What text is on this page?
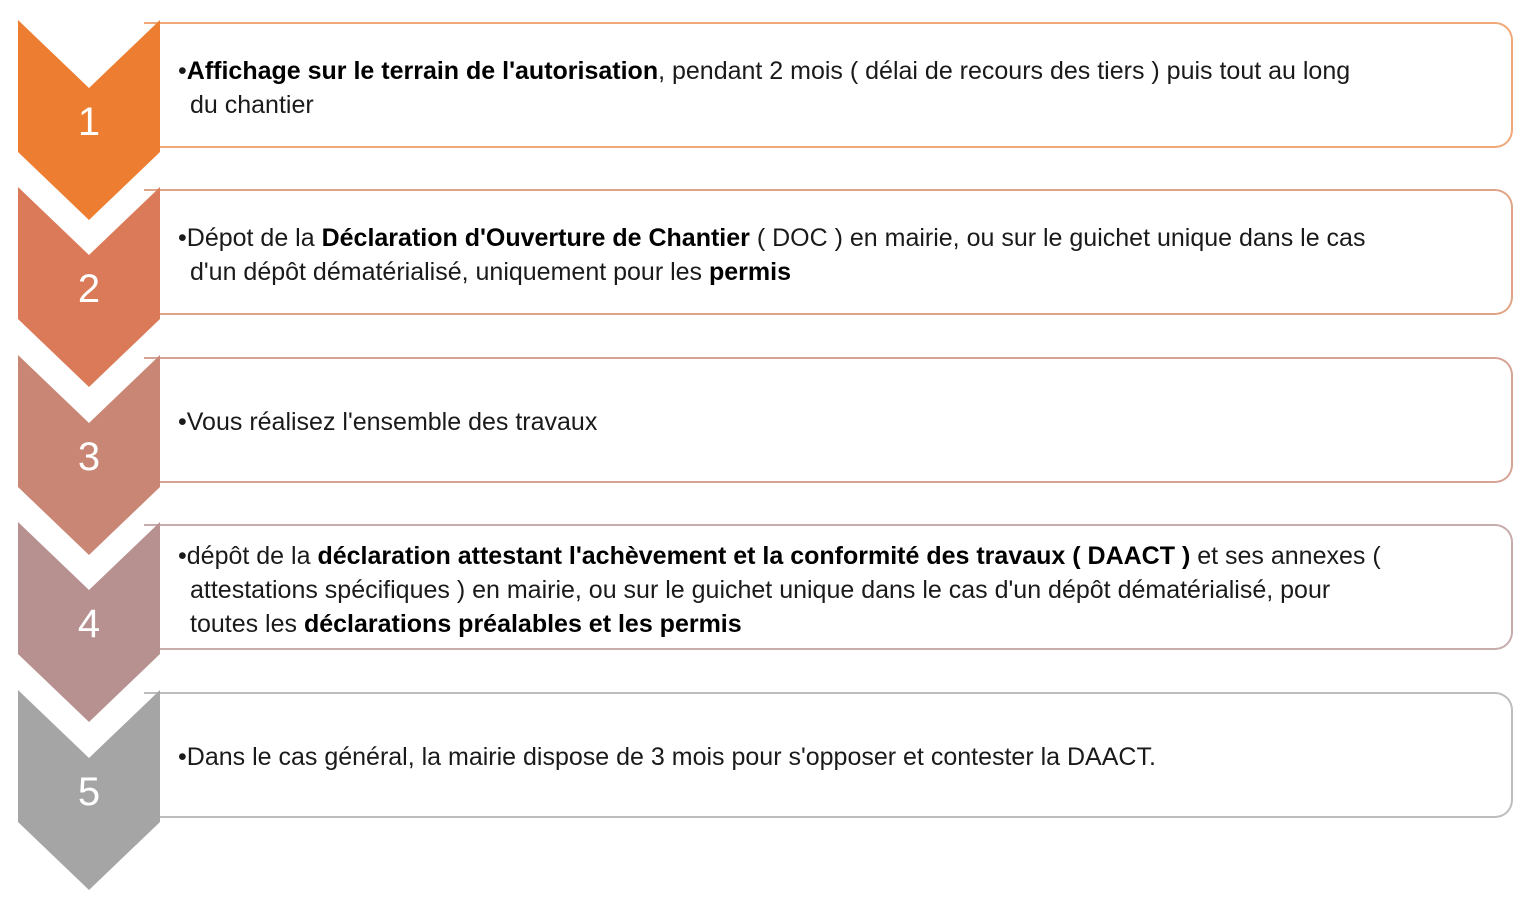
1
•Affichage sur le terrain de l'autorisation, pendant 2 mois ( délai de recours des tiers ) puis tout au long
du chantier
2
•Dépot de la Déclaration d'Ouverture de Chantier ( DOC ) en mairie, ou sur le guichet unique dans le cas
d'un dépôt dématérialisé, uniquement pour les permis
3
•Vous réalisez l'ensemble des travaux
4
•dépôt de la déclaration attestant l'achèvement et la conformité des travaux ( DAACT ) et ses annexes (
attestations spécifiques ) en mairie, ou sur le guichet unique dans le cas d'un dépôt dématérialisé, pour
toutes les déclarations préalables et les permis
5
•Dans le cas général, la mairie dispose de 3 mois pour s'opposer et contester la DAACT.
